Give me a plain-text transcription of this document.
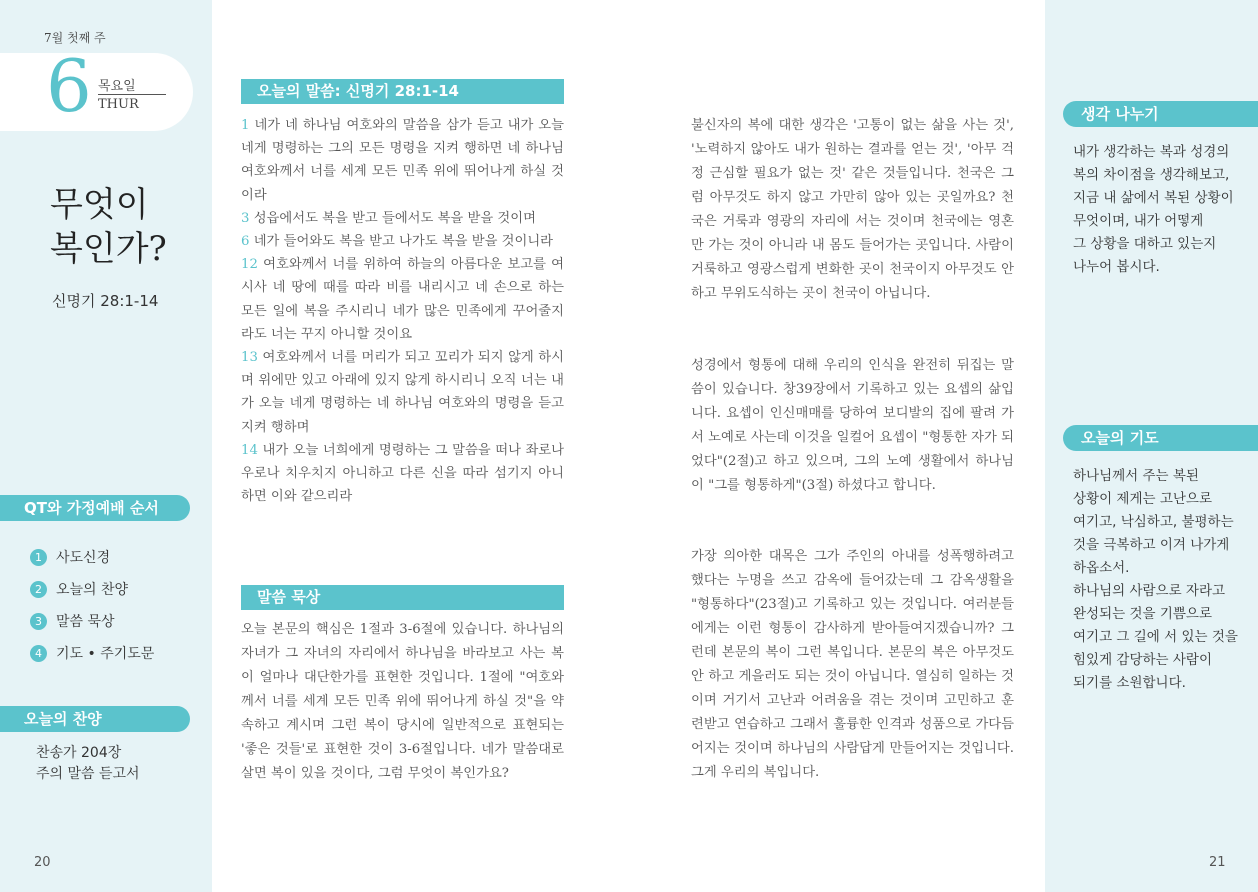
7월 첫째 주
6 목요일
THUR
무엇이
복인가?
신명기 28:1-14
QT와 가정예배 순서
1	사도신경
2	오늘의 찬양
3	말씀 묵상
4	기도 • 주기도문
오늘의 찬양
찬송가 204장
주의 말씀 듣고서
20
오늘의 말씀: 신명기 28:1-14
1 네가 네 하나님 여호와의 말씀을 삼가 듣고 내가 오늘 네게 명령하는 그의 모든 명령을 지켜 행하면 네 하나님 여호와께서 너를 세계 모든 민족 위에 뛰어나게 하실 것이라
3 성읍에서도 복을 받고 들에서도 복을 받을 것이며
6 네가 들어와도 복을 받고 나가도 복을 받을 것이니라
12 여호와께서 너를 위하여 하늘의 아름다운 보고를 여시사 네 땅에 때를 따라 비를 내리시고 네 손으로 하는 모든 일에 복을 주시리니 네가 많은 민족에게 꾸어줄지라도 너는 꾸지 아니할 것이요
13 여호와께서 너를 머리가 되고 꼬리가 되지 않게 하시며 위에만 있고 아래에 있지 않게 하시리니 오직 너는 내가 오늘 네게 명령하는 네 하나님 여호와의 명령을 듣고 지켜 행하며
14 내가 오늘 너희에게 명령하는 그 말씀을 떠나 좌로나 우로나 치우치지 아니하고 다른 신을 따라 섬기지 아니하면 이와 같으리라
말씀 묵상
오늘 본문의 핵심은 1절과 3-6절에 있습니다. 하나님의 자녀가 그 자녀의 자리에서 하나님을 바라보고 사는 복이 얼마나 대단한가를 표현한 것입니다. 1절에 "여호와께서 너를 세계 모든 민족 위에 뛰어나게 하실 것"을 약속하고 계시며 그런 복이 당시에 일반적으로 표현되는 '좋은 것들'로 표현한 것이 3-6절입니다. 네가 말씀대로 살면 복이 있을 것이다, 그럼 무엇이 복인가요?
불신자의 복에 대한 생각은 '고통이 없는 삶을 사는 것', '노력하지 않아도 내가 원하는 결과를 얻는 것', '아무 걱정 근심할 필요가 없는 것' 같은 것들입니다. 천국은 그럼 아무것도 하지 않고 가만히 않아 있는 곳일까요? 천국은 거룩과 영광의 자리에 서는 것이며 천국에는 영혼만 가는 것이 아니라 내 몸도 들어가는 곳입니다. 사람이 거룩하고 영광스럽게 변화한 곳이 천국이지 아무것도 안 하고 무위도식하는 곳이 천국이 아닙니다.
성경에서 형통에 대해 우리의 인식을 완전히 뒤집는 말씀이 있습니다. 창39장에서 기록하고 있는 요셉의 삶입니다. 요셉이 인신매매를 당하여 보디발의 집에 팔려 가서 노예로 사는데 이것을 일컬어 요셉이 "형통한 자가 되었다"(2절)고 하고 있으며, 그의 노예 생활에서 하나님이 "그를 형통하게"(3절) 하셨다고 합니다.
가장 의아한 대목은 그가 주인의 아내를 성폭행하려고 했다는 누명을 쓰고 감옥에 들어갔는데 그 감옥생활을 "형통하다"(23절)고 기록하고 있는 것입니다. 여러분들에게는 이런 형통이 감사하게 받아들여지겠습니까? 그런데 본문의 복이 그런 복입니다. 본문의 복은 아무것도 안 하고 게을러도 되는 것이 아닙니다. 열심히 일하는 것이며 거기서 고난과 어려움을 겪는 것이며 고민하고 훈련받고 연습하고 그래서 훌륭한 인격과 성품으로 가다듬어지는 것이며 하나님의 사람답게 만들어지는 것입니다. 그게 우리의 복입니다.
생각 나누기
내가 생각하는 복과 성경의
복의 차이점을 생각해보고,
지금 내 삶에서 복된 상황이
무엇이며, 내가 어떻게
그 상황을 대하고 있는지
나누어 봅시다.
오늘의 기도
하나님께서 주는 복된
상황이 제게는 고난으로
여기고, 낙심하고, 불평하는
것을 극복하고 이겨 나가게
하옵소서.
하나님의 사람으로 자라고
완성되는 것을 기쁨으로
여기고 그 길에 서 있는 것을
힘있게 감당하는 사람이
되기를 소원합니다.
21
